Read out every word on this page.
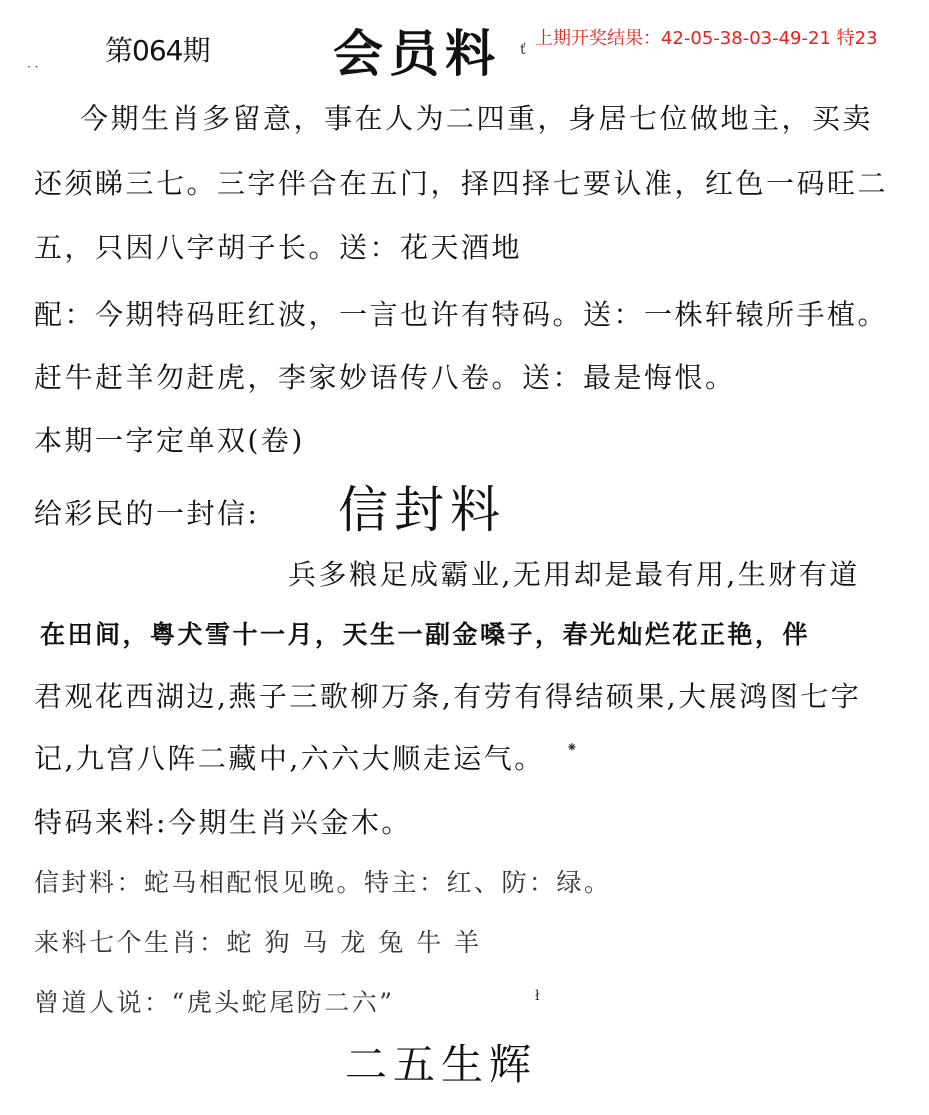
· · 第064期 会员料 ť
上期开奖结果：42-05-38-03-49-21 特23
今期生肖多留意，事在人为二四重，身居七位做地主，买卖
还须睇三七。三字伴合在五门，择四择七要认准，红色一码旺二
五，只因八字胡子长。送：花天酒地
配：今期特码旺红波，一言也许有特码。送：一株轩辕所手植。
赶牛赶羊勿赶虎，李家妙语传八卷。送：最是悔恨。
本期一字定单双(卷)
给彩民的一封信: 信封料
兵多粮足成霸业,无用却是最有用,生财有道
在田间，粤犬雪十一月，天生一副金嗓子，春光灿烂花正艳，伴
君观花西湖边,燕子三歌柳万条,有劳有得结硕果,大展鸿图七字
记,九宫八阵二藏中,六六大顺走运气。 ⁕
特码来料:今期生肖兴金木。
信封料：蛇马相配恨见晚。特主：红、防：绿。
来料七个生肖：蛇 狗 马 龙 兔 牛 羊
曾道人说：“虎头蛇尾防二六”	ł
二五生辉
